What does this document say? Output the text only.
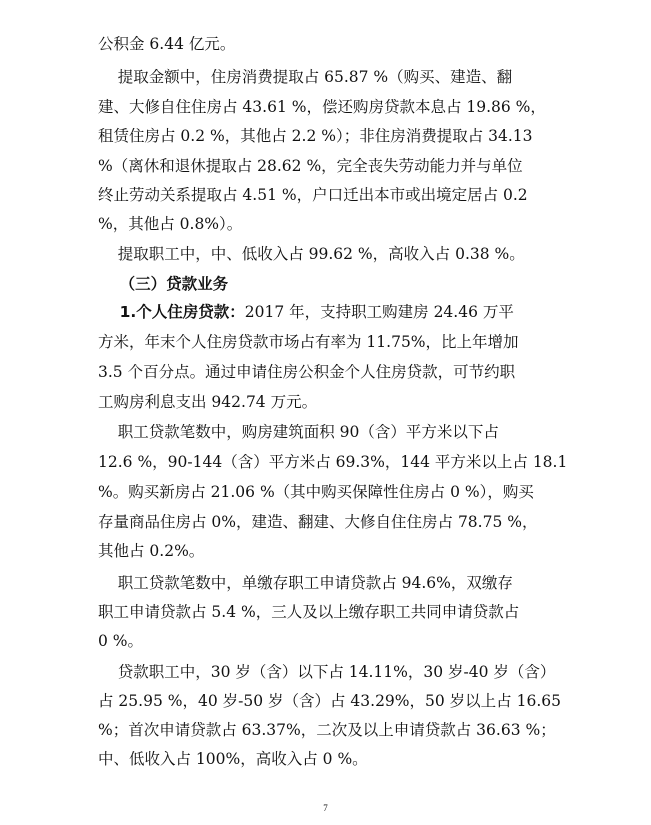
公积金 6.44 亿元。
提取金额中，住房消费提取占 65.87 %（购买、建造、翻
建、大修自住住房占 43.61 %，偿还购房贷款本息占 19.86 %，
租赁住房占 0.2 %，其他占 2.2 %）；非住房消费提取占 34.13
%（离休和退休提取占 28.62 %，完全丧失劳动能力并与单位
终止劳动关系提取占 4.51 %，户口迁出本市或出境定居占 0.2
%，其他占 0.8%）。
提取职工中，中、低收入占 99.62 %，高收入占 0.38 %。
（三）贷款业务
1.个人住房贷款：2017 年，支持职工购建房 24.46 万平
方米，年末个人住房贷款市场占有率为 11.75%，比上年增加
3.5 个百分点。通过申请住房公积金个人住房贷款，可节约职
工购房利息支出 942.74 万元。
职工贷款笔数中，购房建筑面积 90（含）平方米以下占
12.6 %，90-144（含）平方米占 69.3%，144 平方米以上占 18.1
%。购买新房占 21.06 %（其中购买保障性住房占 0 %），购买
存量商品住房占 0%，建造、翻建、大修自住住房占 78.75 %，
其他占 0.2%。
职工贷款笔数中，单缴存职工申请贷款占 94.6%，双缴存
职工申请贷款占 5.4 %，三人及以上缴存职工共同申请贷款占
0 %。
贷款职工中，30 岁（含）以下占 14.11%，30 岁-40 岁（含）
占 25.95 %，40 岁-50 岁（含）占 43.29%，50 岁以上占 16.65
%；首次申请贷款占 63.37%，二次及以上申请贷款占 36.63 %；
中、低收入占 100%，高收入占 0 %。
7
